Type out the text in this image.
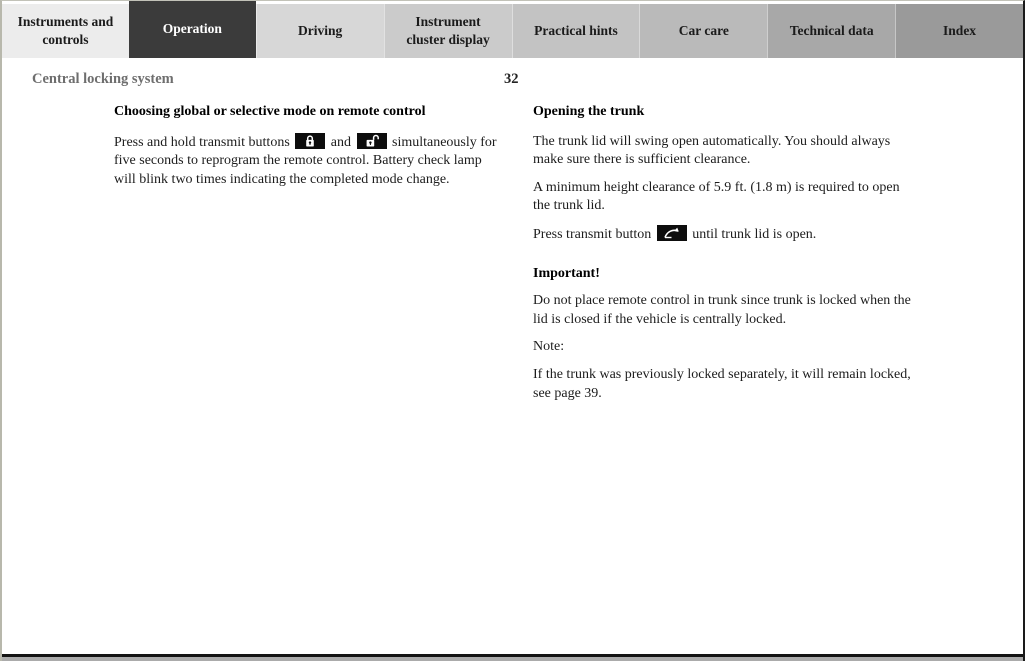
Instruments and controls
Operation	Driving
Instrument cluster display
Practical hints	Car care	Technical data	Index
Central locking system	32
Choosing global or selective mode on remote control

Press and hold transmit buttons	and	simultaneously for five seconds to reprogram the remote control. Battery check lamp will blink two times indicating the completed mode change.

Opening the trunk

The trunk lid will swing open automatically. You should always make sure there is sufficient clearance.

A minimum height clearance of 5.9 ft. (1.8 m) is required to open the trunk lid.

Press transmit button	until trunk lid is open.

Important!

Do not place remote control in trunk since trunk is locked when the lid is closed if the vehicle is centrally locked.

Note:

If the trunk was previously locked separately, it will remain locked, see page 39.
